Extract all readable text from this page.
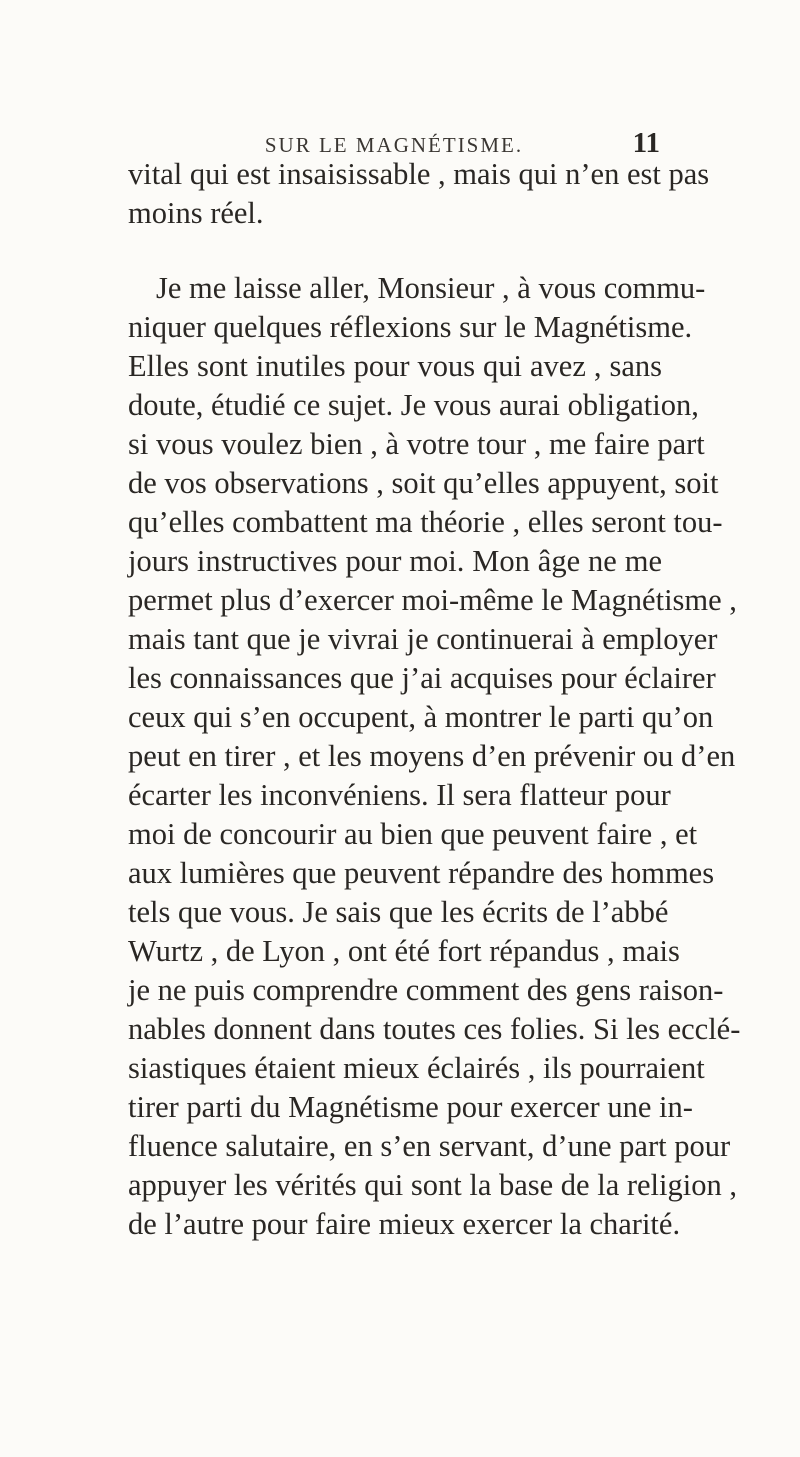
SUR LE MAGNÉTISME.	11

vital qui est insaisissable , mais qui n’en est pas
moins réel.

Je me laisse aller, Monsieur , à vous commu-
niquer quelques réflexions sur le Magnétisme.
Elles sont inutiles pour vous qui avez , sans
doute, étudié ce sujet. Je vous aurai obligation,
si vous voulez bien , à votre tour , me faire part
de vos observations , soit qu’elles appuyent, soit
qu’elles combattent ma théorie , elles seront tou-
jours instructives pour moi. Mon âge ne me
permet plus d’exercer moi-même le Magnétisme ,
mais tant que je vivrai je continuerai à employer
les connaissances que j’ai acquises pour éclairer
ceux qui s’en occupent, à montrer le parti qu’on
peut en tirer , et les moyens d’en prévenir ou d’en
écarter les inconvéniens. Il sera flatteur pour
moi de concourir au bien que peuvent faire , et
aux lumières que peuvent répandre des hommes
tels que vous. Je sais que les écrits de l’abbé
Wurtz , de Lyon , ont été fort répandus , mais
je ne puis comprendre comment des gens raison-
nables donnent dans toutes ces folies. Si les ecclé-
siastiques étaient mieux éclairés , ils pourraient
tirer parti du Magnétisme pour exercer une in-
fluence salutaire, en s’en servant, d’une part pour
appuyer les vérités qui sont la base de la religion ,
de l’autre pour faire mieux exercer la charité.
